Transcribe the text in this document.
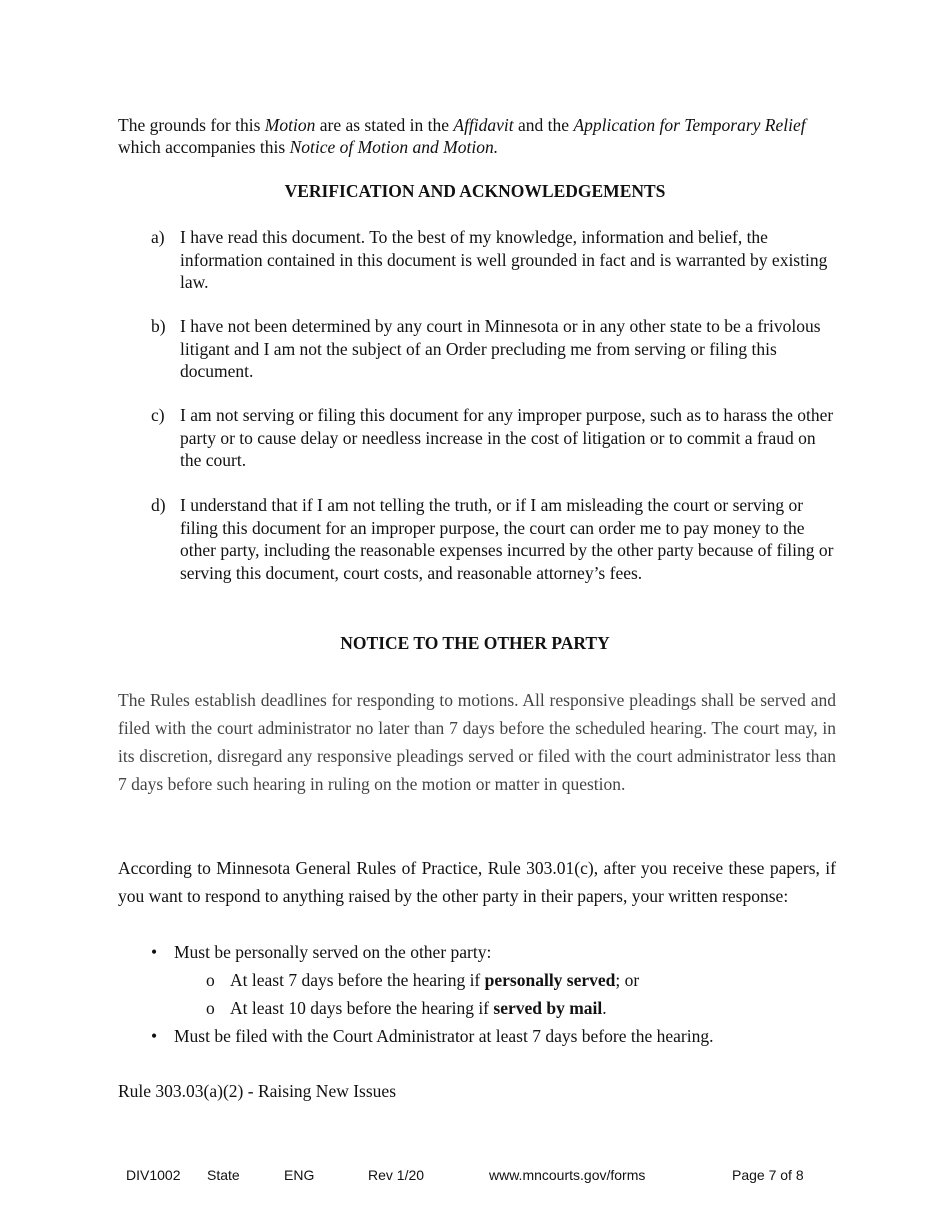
The grounds for this Motion are as stated in the Affidavit and the Application for Temporary Relief which accompanies this Notice of Motion and Motion.
VERIFICATION AND ACKNOWLEDGEMENTS
a) I have read this document. To the best of my knowledge, information and belief, the information contained in this document is well grounded in fact and is warranted by existing law.
b) I have not been determined by any court in Minnesota or in any other state to be a frivolous litigant and I am not the subject of an Order precluding me from serving or filing this document.
c) I am not serving or filing this document for any improper purpose, such as to harass the other party or to cause delay or needless increase in the cost of litigation or to commit a fraud on the court.
d) I understand that if I am not telling the truth, or if I am misleading the court or serving or filing this document for an improper purpose, the court can order me to pay money to the other party, including the reasonable expenses incurred by the other party because of filing or serving this document, court costs, and reasonable attorney’s fees.
NOTICE TO THE OTHER PARTY
The Rules establish deadlines for responding to motions. All responsive pleadings shall be served and filed with the court administrator no later than 7 days before the scheduled hearing. The court may, in its discretion, disregard any responsive pleadings served or filed with the court administrator less than 7 days before such hearing in ruling on the motion or matter in question.
According to Minnesota General Rules of Practice, Rule 303.01(c), after you receive these papers, if you want to respond to anything raised by the other party in their papers, your written response:
• Must be personally served on the other party:
o At least 7 days before the hearing if personally served; or
o At least 10 days before the hearing if served by mail.
• Must be filed with the Court Administrator at least 7 days before the hearing.
Rule 303.03(a)(2) - Raising New Issues
DIV1002 State	ENG	Rev 1/20	www.mncourts.gov/forms	Page 7 of 8
